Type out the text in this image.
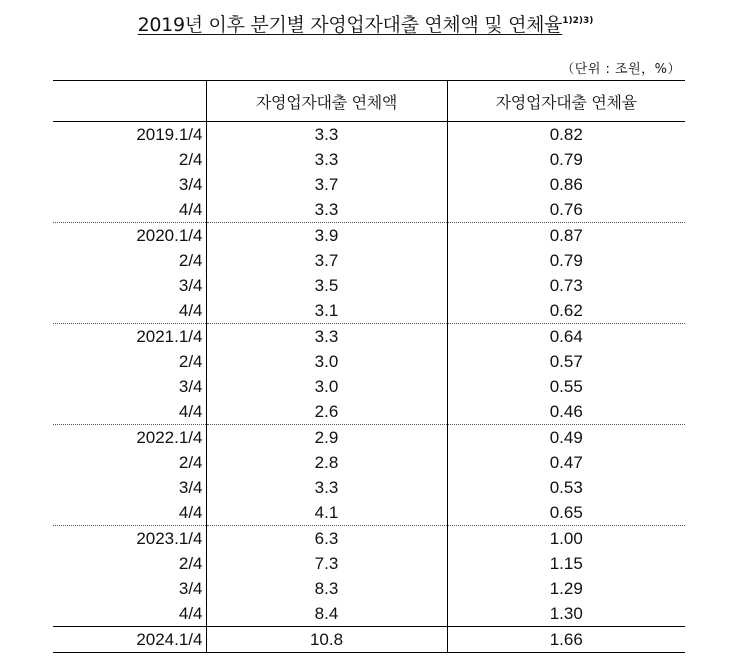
2019년 이후 분기별 자영업자대출 연체액 및 연체율$^{1)2)3)}$
（단위 : 조원，%）
	자영업자대출 연체액	자영업자대출 연체율
2019.1/4	3.3	0.82
2/4	3.3	0.79
3/4	3.7	0.86
4/4	3.3	0.76
2020.1/4	3.9	0.87
2/4	3.7	0.79
3/4	3.5	0.73
4/4	3.1	0.62
2021.1/4	3.3	0.64
2/4	3.0	0.57
3/4	3.0	0.55
4/4	2.6	0.46
2022.1/4	2.9	0.49
2/4	2.8	0.47
3/4	3.3	0.53
4/4	4.1	0.65
2023.1/4	6.3	1.00
2/4	7.3	1.15
3/4	8.3	1.29
4/4	8.4	1.30
2024.1/4	10.8	1.66
